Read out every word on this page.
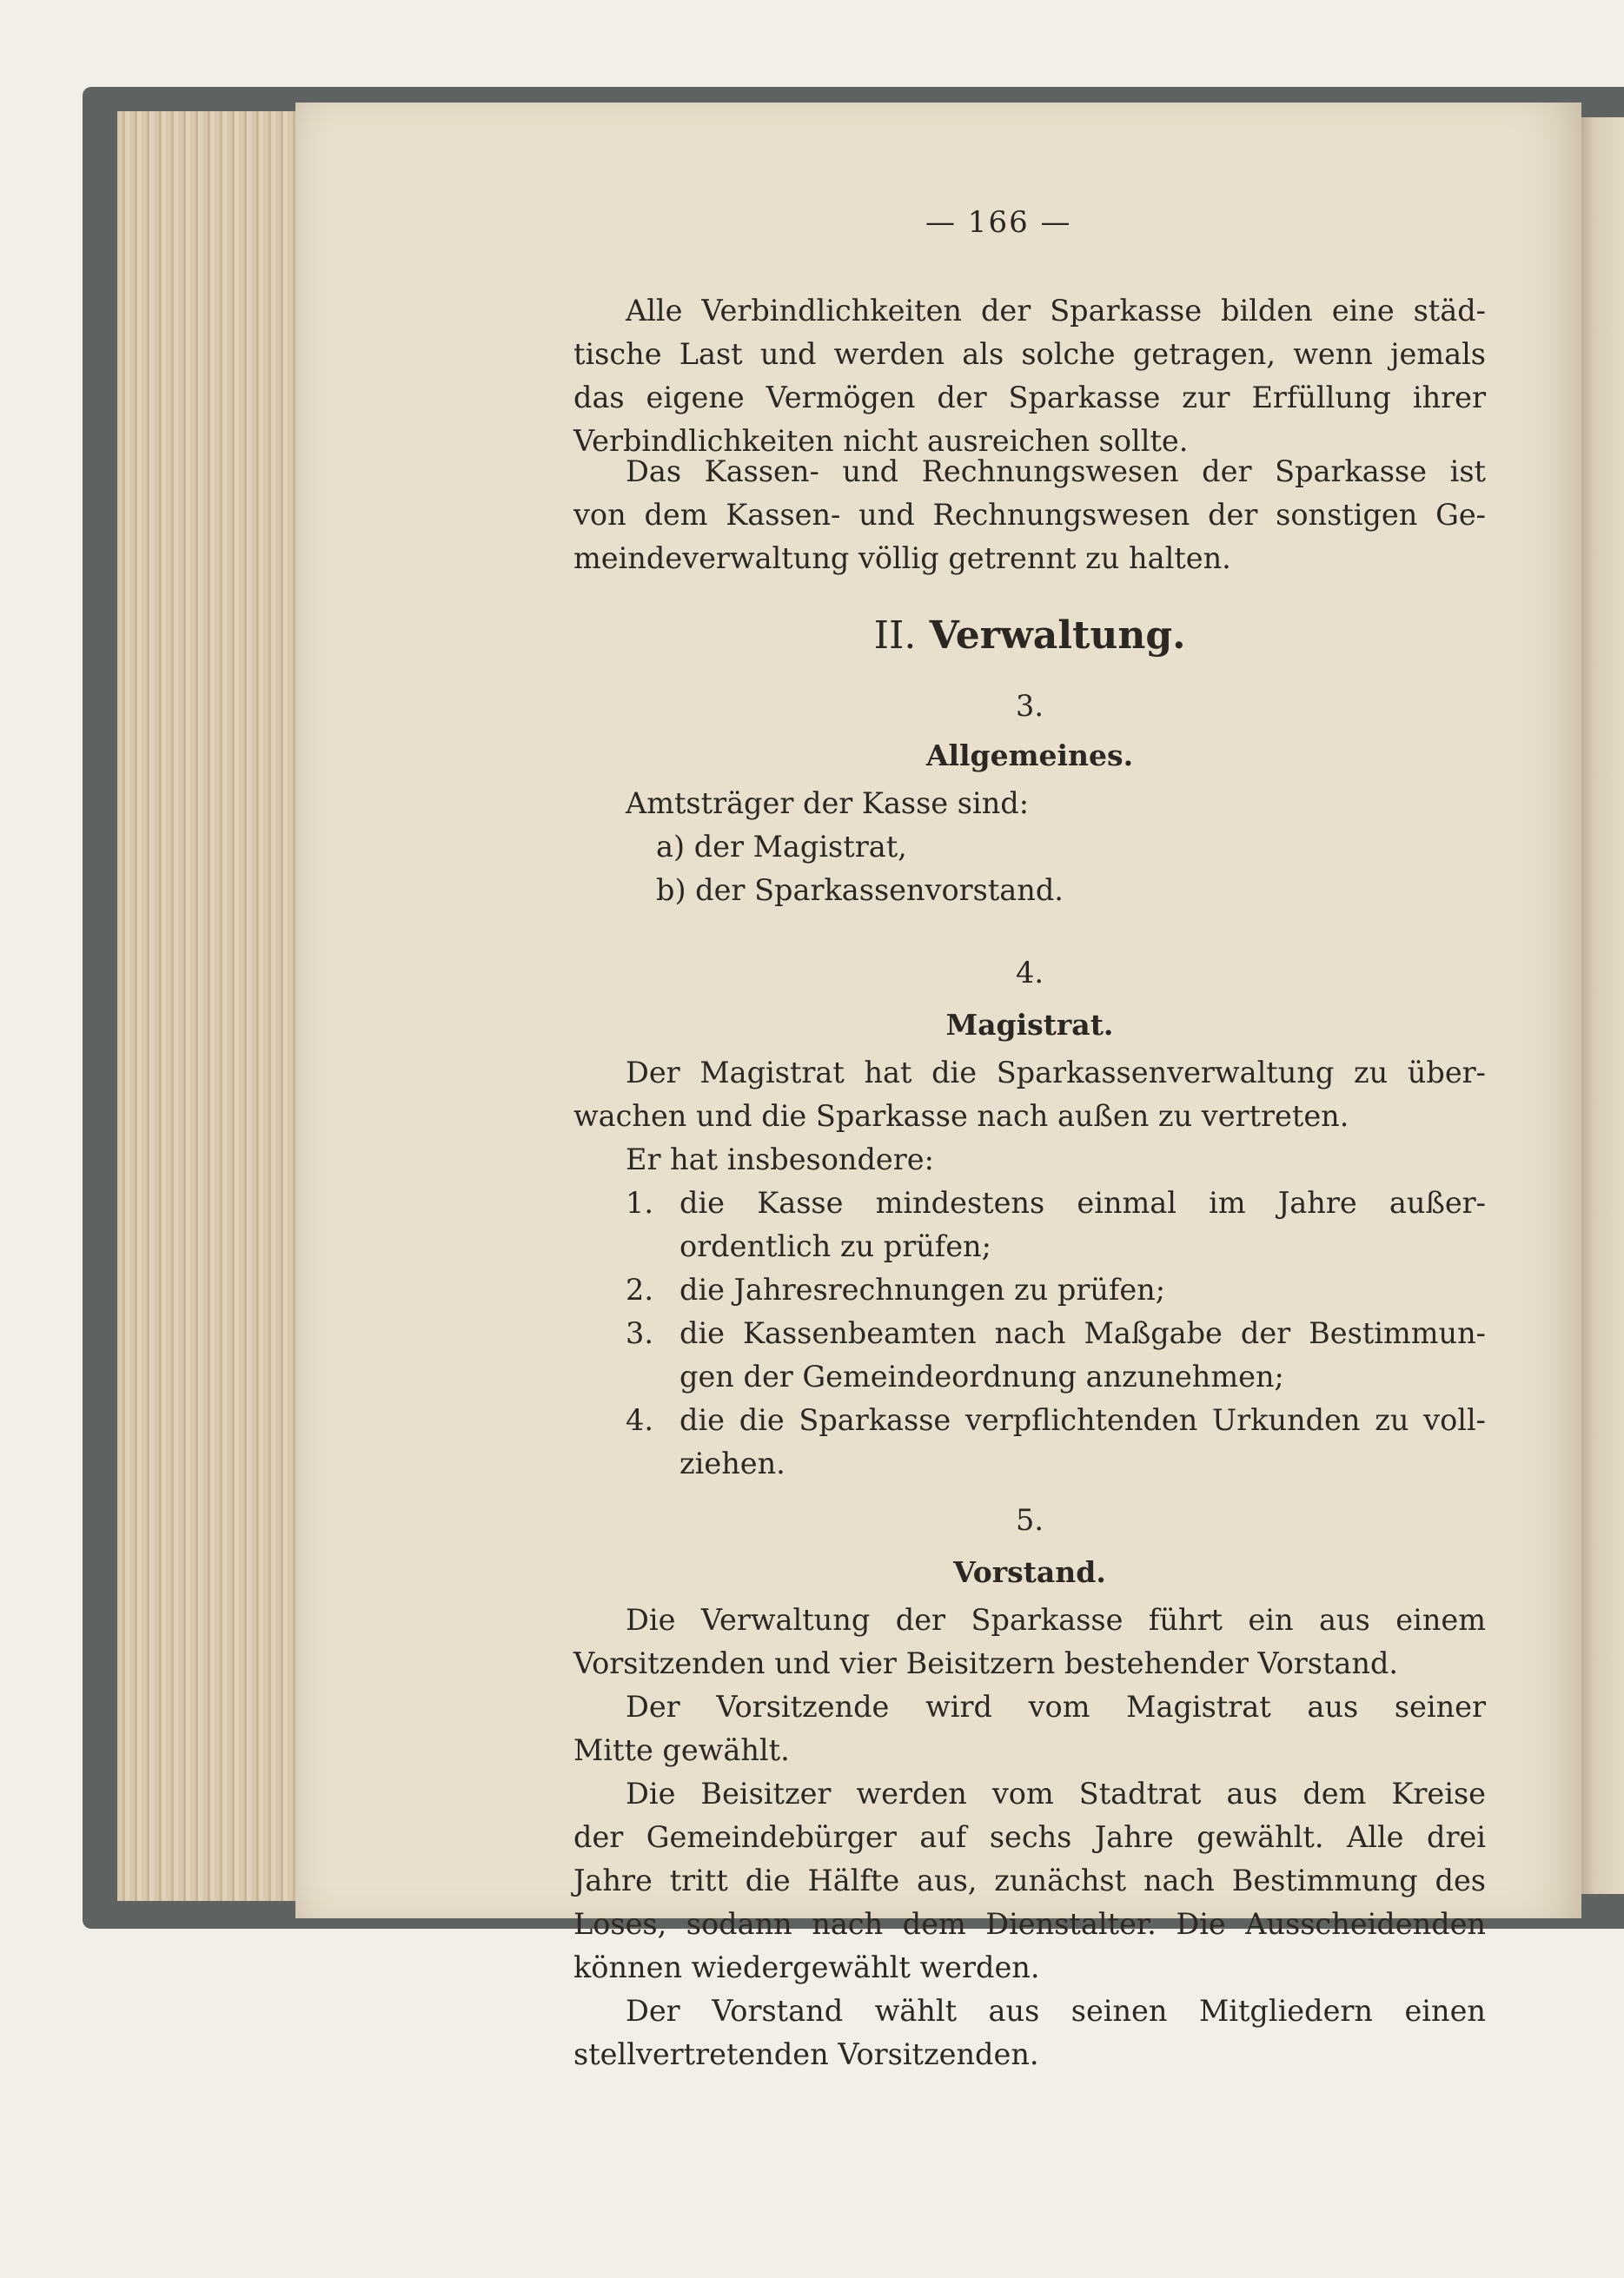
— 166 —
Alle Verbindlichkeiten der Sparkasse bilden eine städ-
tische Last und werden als solche getragen, wenn jemals
das eigene Vermögen der Sparkasse zur Erfüllung ihrer
Verbindlichkeiten nicht ausreichen sollte.
Das Kassen- und Rechnungswesen der Sparkasse ist
von dem Kassen- und Rechnungswesen der sonstigen Ge-
meindeverwaltung völlig getrennt zu halten.
II. Verwaltung.
3.
Allgemeines.
Amtsträger der Kasse sind:
a) der Magistrat,
b) der Sparkassenvorstand.
4.
Magistrat.
Der Magistrat hat die Sparkassenverwaltung zu über-
wachen und die Sparkasse nach außen zu vertreten.
Er hat insbesondere:
1. die Kasse mindestens einmal im Jahre außer-
ordentlich zu prüfen;
2. die Jahresrechnungen zu prüfen;
3. die Kassenbeamten nach Maßgabe der Bestimmun-
gen der Gemeindeordnung anzunehmen;
4. die die Sparkasse verpflichtenden Urkunden zu voll-
ziehen.
5.
Vorstand.
Die Verwaltung der Sparkasse führt ein aus einem
Vorsitzenden und vier Beisitzern bestehender Vorstand.
Der Vorsitzende wird vom Magistrat aus seiner
Mitte gewählt.
Die Beisitzer werden vom Stadtrat aus dem Kreise
der Gemeindebürger auf sechs Jahre gewählt. Alle drei
Jahre tritt die Hälfte aus, zunächst nach Bestimmung des
Loses, sodann nach dem Dienstalter. Die Ausscheidenden
können wiedergewählt werden.
Der Vorstand wählt aus seinen Mitgliedern einen
stellvertretenden Vorsitzenden.
